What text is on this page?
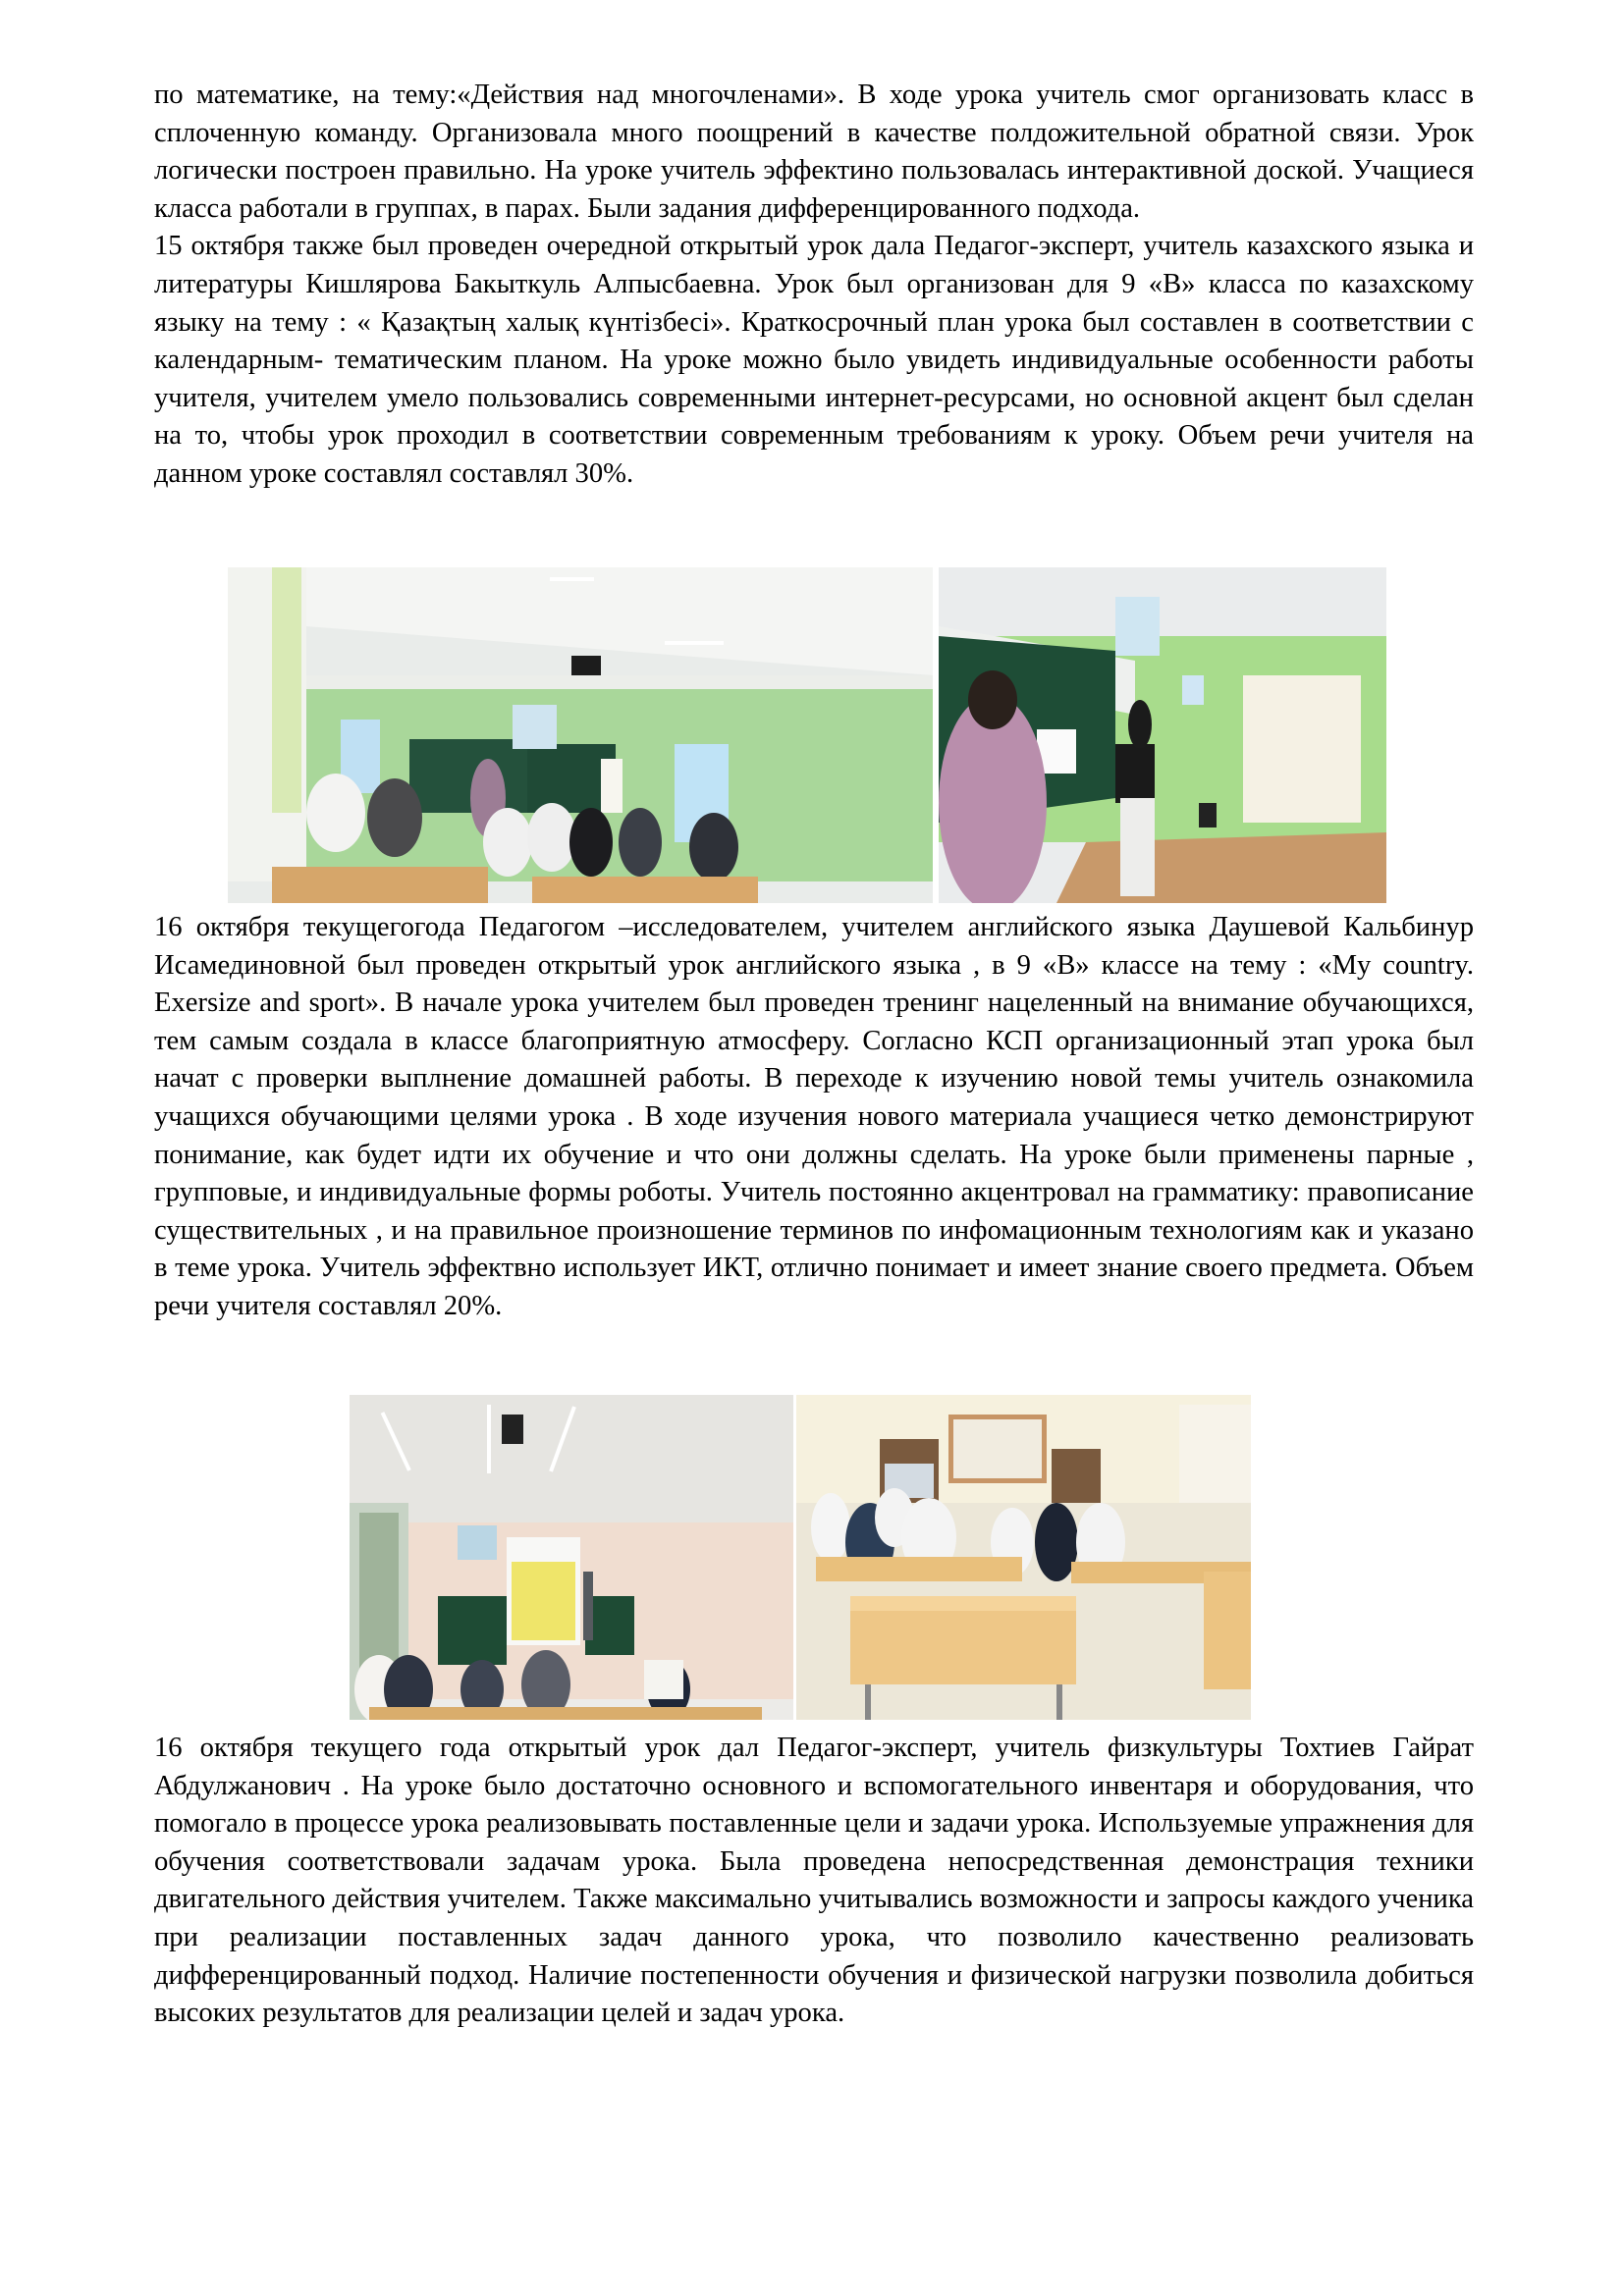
по математике, на тему:«Действия над многочленами». В ходе урока учитель смог организовать класс в сплоченную команду. Организовала много поощрений в качестве полдожительной обратной связи. Урок логически построен правильно. На уроке учитель эффектино пользовалась интерактивной доской. Учащиеся класса работали в группах, в парах. Были задания дифференцированного подхода.

15 октября также был проведен очередной открытый урок дала Педагог-эксперт, учитель казахского языка и литературы Кишлярова Бакыткуль Алпысбаевна. Урок был организован для 9 «В» класса по казахскому языку на тему : « Қазақтың халық күнтізбесі». Краткосрочный план урока был составлен в соответствии с календарным- тематическим планом. На уроке можно было увидеть индивидуальные особенности работы учителя, учителем умело пользовались современными интернет-ресурсами, но основной акцент был сделан на то, чтобы урок проходил в соответствии современным требованиям к уроку. Объем речи учителя на данном уроке составлял составлял 30%.

16 октября текущегогода Педагогом –исследователем, учителем английского языка Даушевой Кальбинур Исамединовной был проведен открытый урок английского языка , в 9 «В» классе на тему : «My country. Exersize and sport». В начале урока учителем был проведен тренинг нацеленный на внимание обучающихся, тем самым создала в классе благоприятную атмосферу. Согласно КСП организационный этап урока был начат с проверки выплнение домашней работы. В переходе к изучению новой темы учитель ознакомила учащихся обучающими целями урока . В ходе изучения нового материала учащиеся четко демонстрируют понимание, как будет идти их обучение и что они должны сделать. На уроке были применены парные , групповые, и индивидуальные формы роботы. Учитель постоянно акцентровал на грамматику: правописание существительных , и на правильное произношение терминов по инфомационным технологиям как и указано в теме урока. Учитель эффектвно использует ИКТ, отлично понимает и имеет знание своего предмета. Объем речи учителя составлял 20%.

16 октября текущего года открытый урок дал Педагог-эксперт, учитель физкультуры Тохтиев Гайрат Абдулжанович . На уроке было достаточно основного и вспомогательного инвентаря и оборудования, что помогало в процессе урока реализовывать поставленные цели и задачи урока. Используемые упражнения для обучения соответствовали задачам урока. Была проведена непосредственная демонстрация техники двигательного действия учителем. Также максимально учитывались возможности и запросы каждого ученика при реализации поставленных задач данного урока, что позволило качественно реализовать дифференцированный подход. Наличие постепенности обучения и физической нагрузки позволила добиться высоких результатов для реализации целей и задач урока.
